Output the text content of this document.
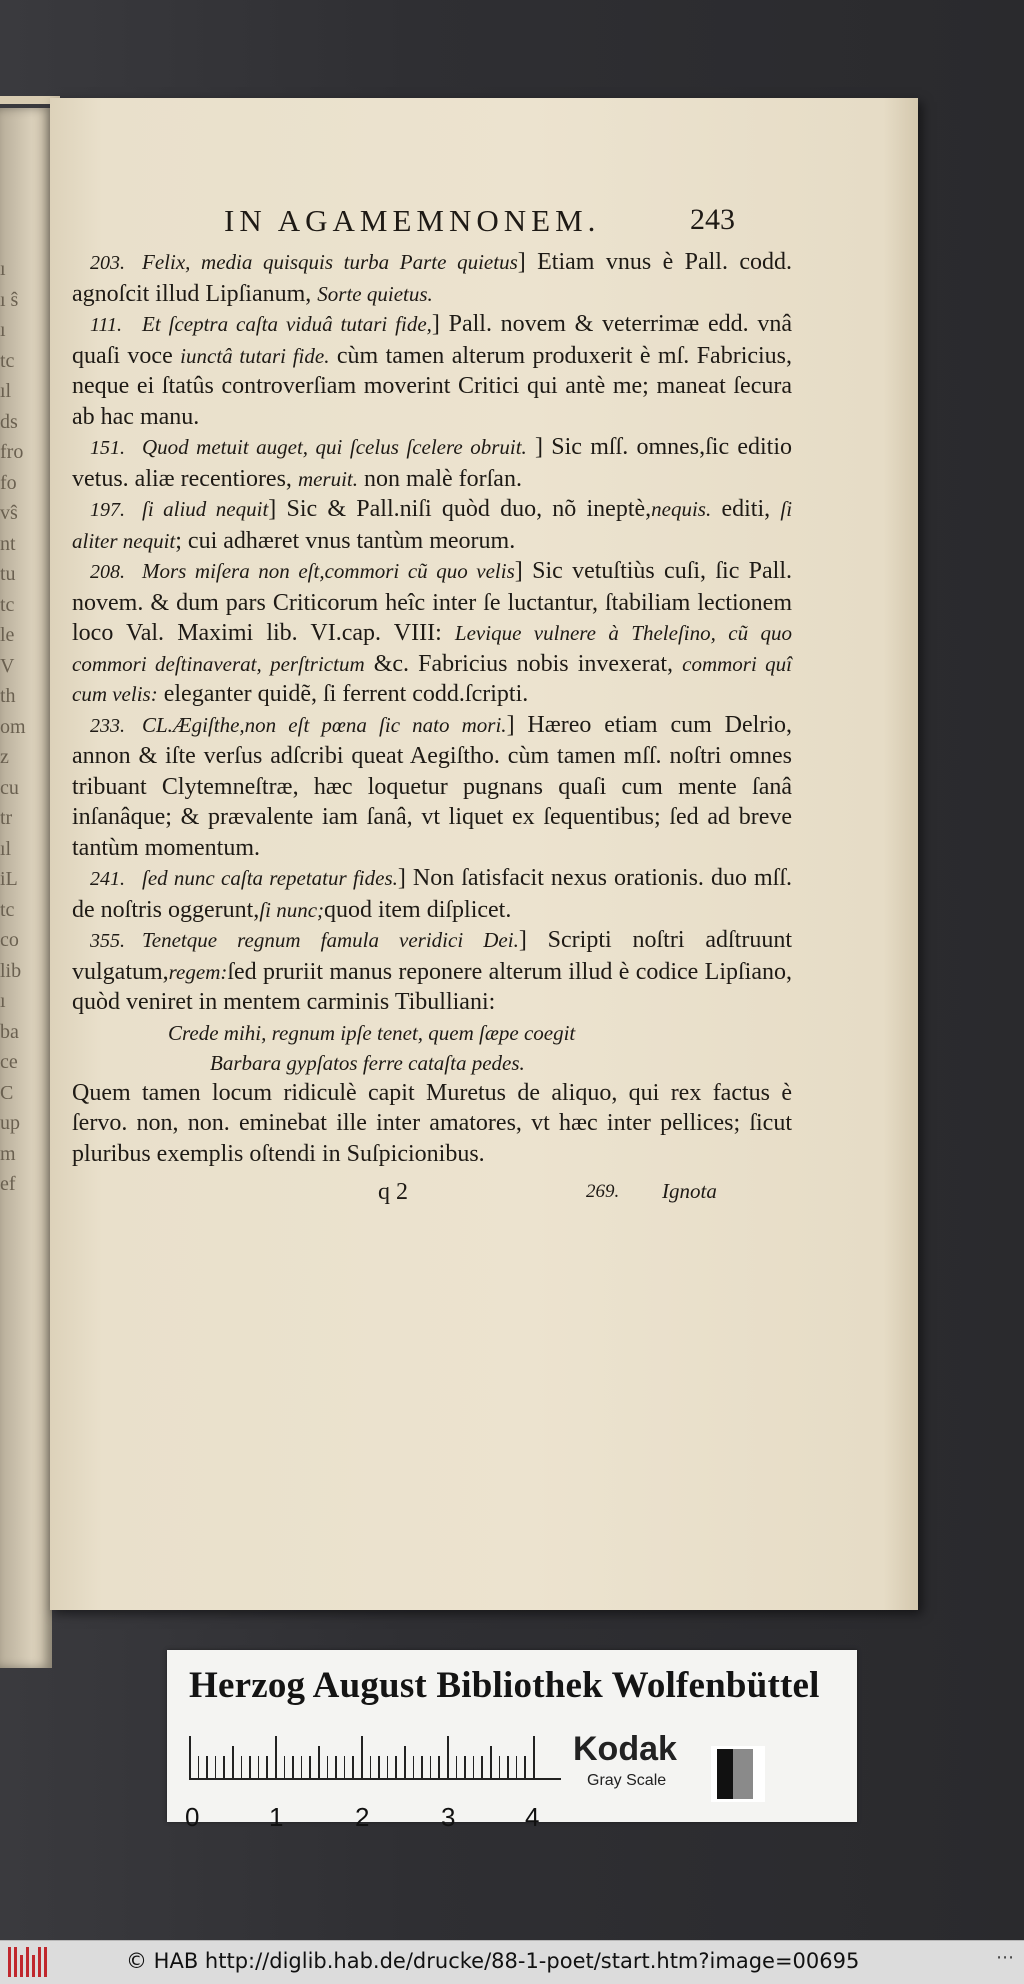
ı
ı ŝ
ı
tc
ıl
ds
fro
fo
vŝ
nt
tu
tc
le
V
th
om
z
cu
tr
ıl
iL
tc
co
lib
ı
ba
ce
C
up
m
ef
IN AGAMEMNONEM.	243

203. Felix, media quisquis turba Parte quietus] Etiam vnus è Pall. codd. agnoſcit illud Lipſianum, Sorte quietus.

111. Et ſceptra caſta viduâ tutari fide,] Pall. novem & veterrimæ edd. vnâ quaſi voce iunctâ tutari fide. cùm tamen alterum produxerit è mſ. Fabricius, neque ei ſtatûs controverſiam moverint Critici qui antè me; maneat ſecura ab hac manu.

151. Quod metuit auget, qui ſcelus ſcelere obruit. ] Sic mſſ. omnes,ſic editio vetus. aliæ recentiores, meruit. non malè forſan.

197. ſi aliud nequit] Sic & Pall.niſi quòd duo, nõ ineptè,nequis. editi, ſi aliter nequit; cui adhæret vnus tantùm meorum.

208. Mors miſera non eſt,commori cũ quo velis] Sic vetuſtiùs cuſi, ſic Pall. novem. & dum pars Criticorum heîc inter ſe luctantur, ſtabiliam lectionem loco Val. Maximi lib. VI.cap. VIII: Levique vulnere à Theleſino, cũ quo commori deſtinaverat, perſtrictum &c. Fabricius nobis invexerat, commori quî cum velis: eleganter quidẽ, ſi ferrent codd.ſcripti.

233. CL.Ægiſthe,non eſt pœna ſic nato mori.] Hæreo etiam cum Delrio, annon & iſte verſus adſcribi queat Aegiſtho. cùm tamen mſſ. noſtri omnes tribuant Clytemneſtræ, hæc loquetur pugnans quaſi cum mente ſanâ inſanâque; & prævalente iam ſanâ, vt liquet ex ſequentibus; ſed ad breve tantùm momentum.

241. ſed nunc caſta repetatur fides.] Non ſatisfacit nexus orationis. duo mſſ. de noſtris oggerunt,ſi nunc;quod item diſplicet.

355. Tenetque regnum famula veridici Dei.] Scripti noſtri adſtruunt vulgatum,regem:ſed pruriit manus reponere alterum illud è codice Lipſiano, quòd veniret in mentem carminis Tibulliani:

Crede mihi, regnum ipſe tenet, quem ſæpe coegit

Barbara gypſatos ferre cataſta pedes.

Quem tamen locum ridiculè capit Muretus de aliquo, qui rex factus è ſervo. non, non. eminebat ille inter amatores, vt hæc inter pellices; ſicut pluribus exemplis oſtendi in Suſpicionibus.

q 2	269. Ignota
Herzog August Bibliothek Wolfenbüttel
0	1	2	3	4
Kodak
Gray Scale
© HAB http://diglib.hab.de/drucke/88-1-poet/start.htm?image=00695	⋯
